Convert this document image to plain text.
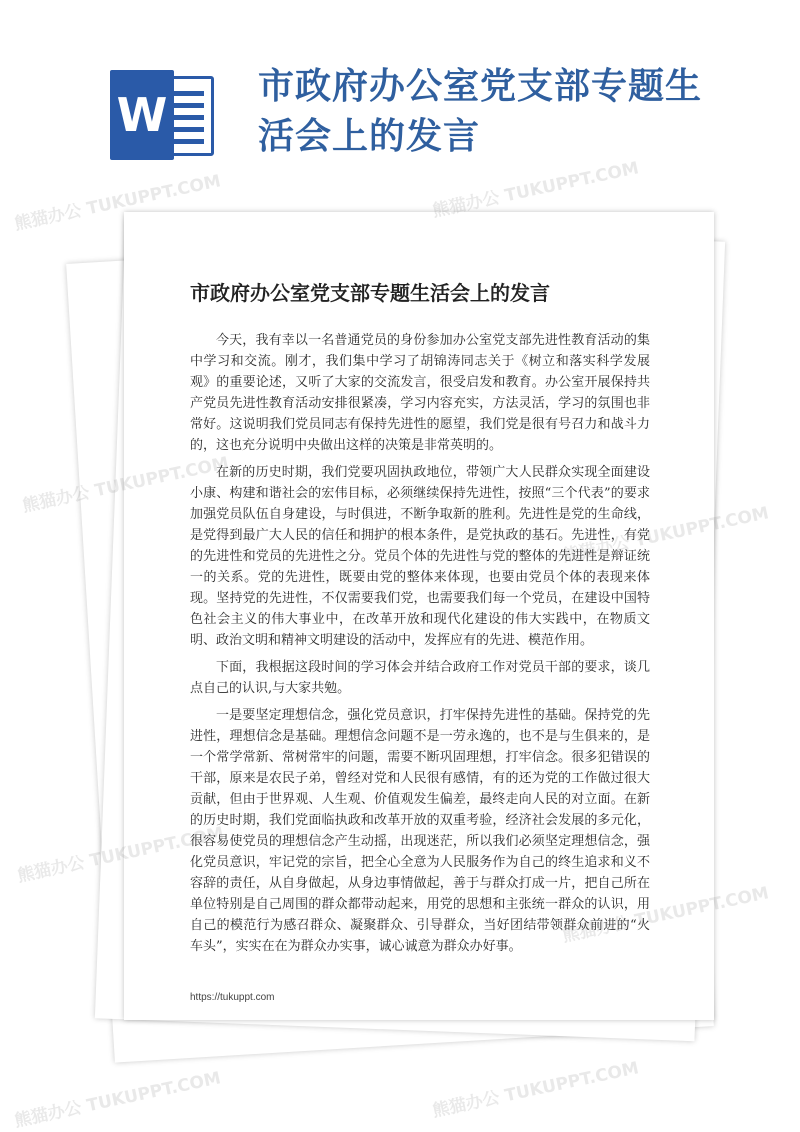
W
市政府办公室党支部专题生活会上的发言
市政府办公室党支部专题生活会上的发言

今天，我有幸以一名普通党员的身份参加办公室党支部先进性教育活动的集中学习和交流。刚才，我们集中学习了胡锦涛同志关于《树立和落实科学发展观》的重要论述，又听了大家的交流发言，很受启发和教育。办公室开展保持共产党员先进性教育活动安排很紧凑，学习内容充实，方法灵活，学习的氛围也非常好。这说明我们党员同志有保持先进性的愿望，我们党是很有号召力和战斗力的，这也充分说明中央做出这样的决策是非常英明的。

在新的历史时期，我们党要巩固执政地位，带领广大人民群众实现全面建设小康、构建和谐社会的宏伟目标，必须继续保持先进性，按照“三个代表”的要求加强党员队伍自身建设，与时俱进，不断争取新的胜利。先进性是党的生命线，是党得到最广大人民的信任和拥护的根本条件，是党执政的基石。先进性，有党的先进性和党员的先进性之分。党员个体的先进性与党的整体的先进性是辩证统一的关系。党的先进性，既要由党的整体来体现，也要由党员个体的表现来体现。坚持党的先进性，不仅需要我们党，也需要我们每一个党员，在建设中国特色社会主义的伟大事业中，在改革开放和现代化建设的伟大实践中，在物质文明、政治文明和精神文明建设的活动中，发挥应有的先进、模范作用。

下面，我根据这段时间的学习体会并结合政府工作对党员干部的要求，谈几点自己的认识,与大家共勉。

一是要坚定理想信念，强化党员意识，打牢保持先进性的基础。保持党的先进性，理想信念是基础。理想信念问题不是一劳永逸的，也不是与生俱来的，是一个常学常新、常树常牢的问题，需要不断巩固理想，打牢信念。很多犯错误的干部，原来是农民子弟，曾经对党和人民很有感情，有的还为党的工作做过很大贡献，但由于世界观、人生观、价值观发生偏差，最终走向人民的对立面。在新的历史时期，我们党面临执政和改革开放的双重考验，经济社会发展的多元化，很容易使党员的理想信念产生动摇，出现迷茫，所以我们必须坚定理想信念，强化党员意识，牢记党的宗旨，把全心全意为人民服务作为自己的终生追求和义不容辞的责任，从自身做起，从身边事情做起，善于与群众打成一片，把自己所在单位特别是自己周围的群众都带动起来，用党的思想和主张统一群众的认识，用自己的模范行为感召群众、凝聚群众、引导群众，当好团结带领群众前进的“火车头”，实实在在为群众办实事，诚心诚意为群众办好事。

https://tukuppt.com
熊猫办公 TUKUPPT.COM	熊猫办公 TUKUPPT.COM
熊猫办公
熊猫办公
熊猫办公 TUKUPPT.COM	熊猫办公 TUKUPPT.COM
